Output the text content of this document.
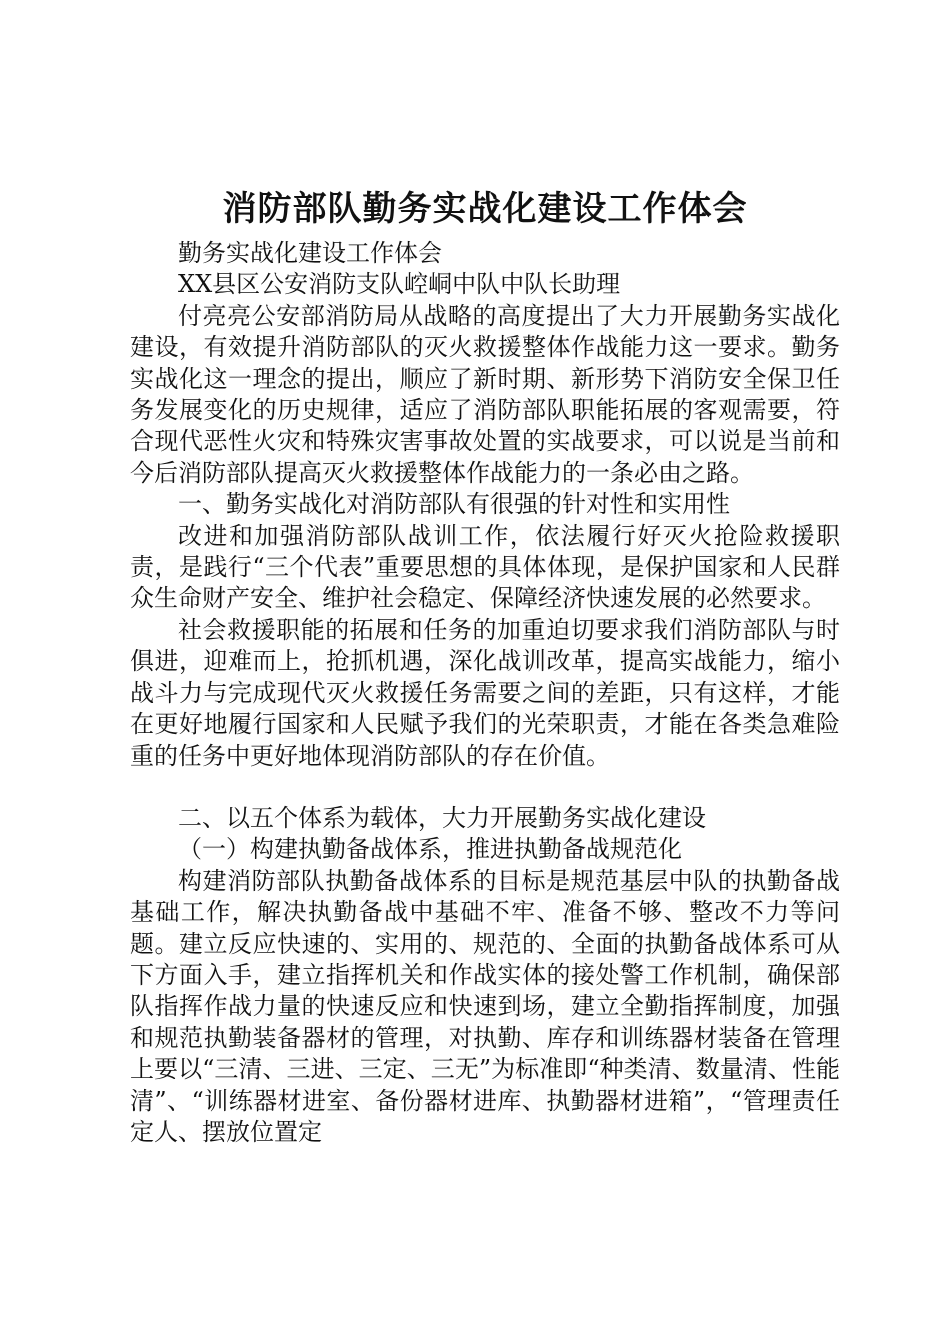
消防部队勤务实战化建设工作体会

勤务实战化建设工作体会

XX县区公安消防支队崆峒中队中队长助理

付亮亮公安部消防局从战略的高度提出了大力开展勤务实战化建设，有效提升消防部队的灭火救援整体作战能力这一要求。勤务实战化这一理念的提出，顺应了新时期、新形势下消防安全保卫任务发展变化的历史规律，适应了消防部队职能拓展的客观需要，符合现代恶性火灾和特殊灾害事故处置的实战要求，可以说是当前和今后消防部队提高灭火救援整体作战能力的一条必由之路。

一、勤务实战化对消防部队有很强的针对性和实用性

改进和加强消防部队战训工作，依法履行好灭火抢险救援职责，是践行“三个代表”重要思想的具体体现，是保护国家和人民群众生命财产安全、维护社会稳定、保障经济快速发展的必然要求。

社会救援职能的拓展和任务的加重迫切要求我们消防部队与时俱进，迎难而上，抢抓机遇，深化战训改革，提高实战能力，缩小战斗力与完成现代灭火救援任务需要之间的差距，只有这样，才能在更好地履行国家和人民赋予我们的光荣职责，才能在各类急难险重的任务中更好地体现消防部队的存在价值。

二、以五个体系为载体，大力开展勤务实战化建设

（一）构建执勤备战体系，推进执勤备战规范化

构建消防部队执勤备战体系的目标是规范基层中队的执勤备战基础工作，解决执勤备战中基础不牢、准备不够、整改不力等问题。建立反应快速的、实用的、规范的、全面的执勤备战体系可从下方面入手，建立指挥机关和作战实体的接处警工作机制，确保部队指挥作战力量的快速反应和快速到场，建立全勤指挥制度，加强和规范执勤装备器材的管理，对执勤、库存和训练器材装备在管理上要以“三清、三进、三定、三无”为标准即“种类清、数量清、性能清”、“训练器材进室、备份器材进库、执勤器材进箱”，“管理责任定人、摆放位置定
